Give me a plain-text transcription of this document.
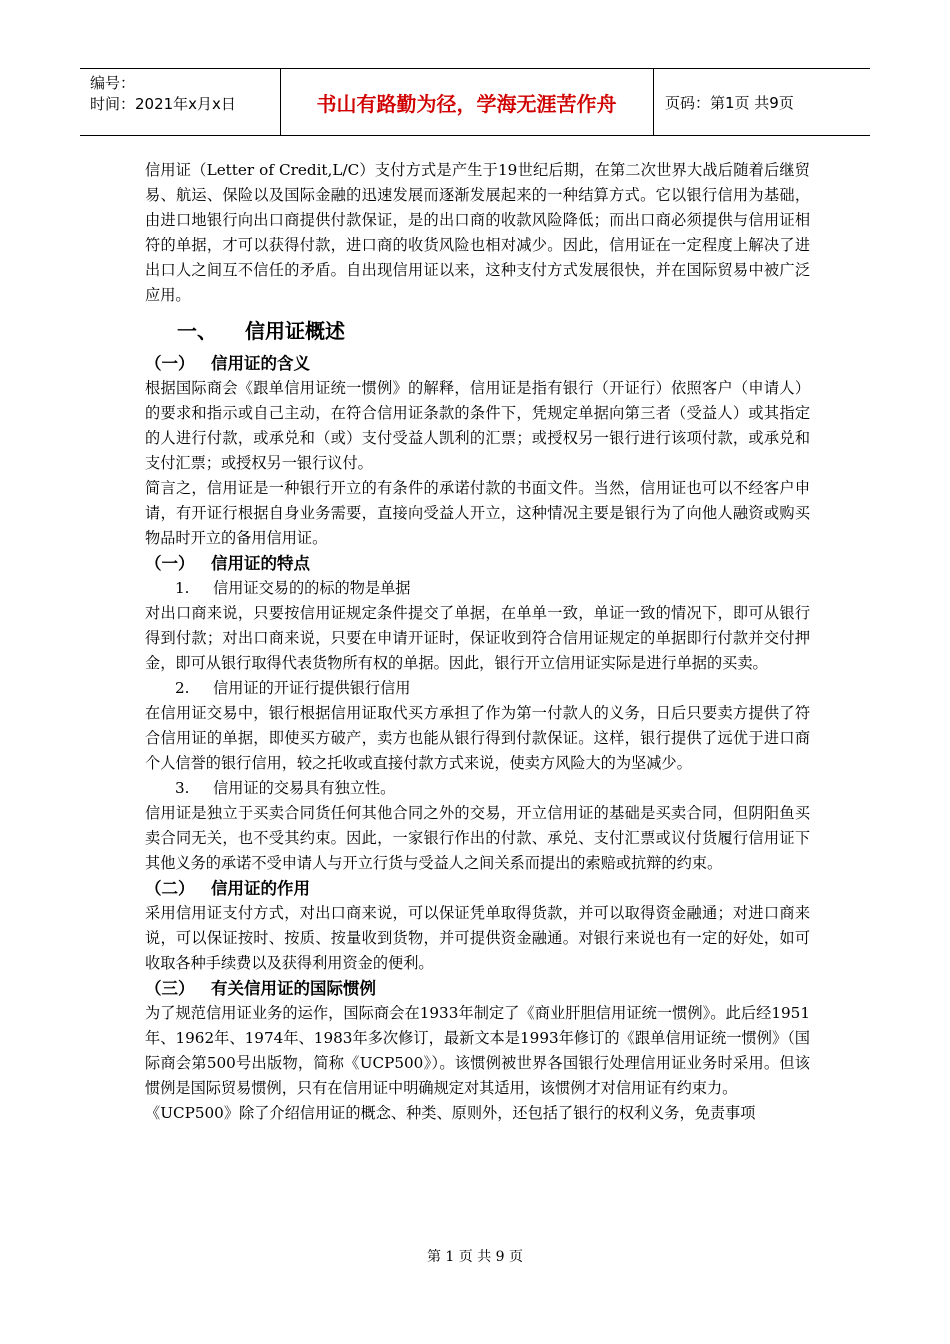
编号：
时间：2021年x月x日	书山有路勤为径，学海无涯苦作舟	页码：第1页 共9页

信用证（Letter of Credit,L/C）支付方式是产生于19世纪后期，在第二次世界大战后随着后继贸易、航运、保险以及国际金融的迅速发展而逐渐发展起来的一种结算方式。它以银行信用为基础，由进口地银行向出口商提供付款保证，是的出口商的收款风险降低；而出口商必须提供与信用证相符的单据，才可以获得付款，进口商的收货风险也相对减少。因此，信用证在一定程度上解决了进出口人之间互不信任的矛盾。自出现信用证以来，这种支付方式发展很快，并在国际贸易中被广泛应用。

一、 信用证概述
（一） 信用证的含义

根据国际商会《跟单信用证统一惯例》的解释，信用证是指有银行（开证行）依照客户（申请人）的要求和指示或自己主动，在符合信用证条款的条件下，凭规定单据向第三者（受益人）或其指定的人进行付款，或承兑和（或）支付受益人凯利的汇票；或授权另一银行进行该项付款，或承兑和支付汇票；或授权另一银行议付。

简言之，信用证是一种银行开立的有条件的承诺付款的书面文件。当然，信用证也可以不经客户申请，有开证行根据自身业务需要，直接向受益人开立，这种情况主要是银行为了向他人融资或购买物品时开立的备用信用证。

（一） 信用证的特点
1. 信用证交易的的标的物是单据

对出口商来说，只要按信用证规定条件提交了单据，在单单一致，单证一致的情况下，即可从银行得到付款；对出口商来说，只要在申请开证时，保证收到符合信用证规定的单据即行付款并交付押金，即可从银行取得代表货物所有权的单据。因此，银行开立信用证实际是进行单据的买卖。

2. 信用证的开证行提供银行信用

在信用证交易中，银行根据信用证取代买方承担了作为第一付款人的义务，日后只要卖方提供了符合信用证的单据，即使买方破产，卖方也能从银行得到付款保证。这样，银行提供了远优于进口商个人信誉的银行信用，较之托收或直接付款方式来说，使卖方风险大的为坚减少。

3. 信用证的交易具有独立性。

信用证是独立于买卖合同货任何其他合同之外的交易，开立信用证的基础是买卖合同，但阴阳鱼买卖合同无关，也不受其约束。因此，一家银行作出的付款、承兑、支付汇票或议付货履行信用证下其他义务的承诺不受申请人与开立行货与受益人之间关系而提出的索赔或抗辩的约束。

（二） 信用证的作用

采用信用证支付方式，对出口商来说，可以保证凭单取得货款，并可以取得资金融通；对进口商来说，可以保证按时、按质、按量收到货物，并可提供资金融通。对银行来说也有一定的好处，如可收取各种手续费以及获得利用资金的便利。

（三） 有关信用证的国际惯例

为了规范信用证业务的运作，国际商会在1933年制定了《商业肝胆信用证统一惯例》。此后经1951年、1962年、1974年、1983年多次修订，最新文本是1993年修订的《跟单信用证统一惯例》（国际商会第500号出版物，简称《UCP500》）。该惯例被世界各国银行处理信用证业务时采用。但该惯例是国际贸易惯例，只有在信用证中明确规定对其适用，该惯例才对信用证有约束力。

《UCP500》除了介绍信用证的概念、种类、原则外，还包括了银行的权利义务，免责事项

第 1 页 共 9 页
